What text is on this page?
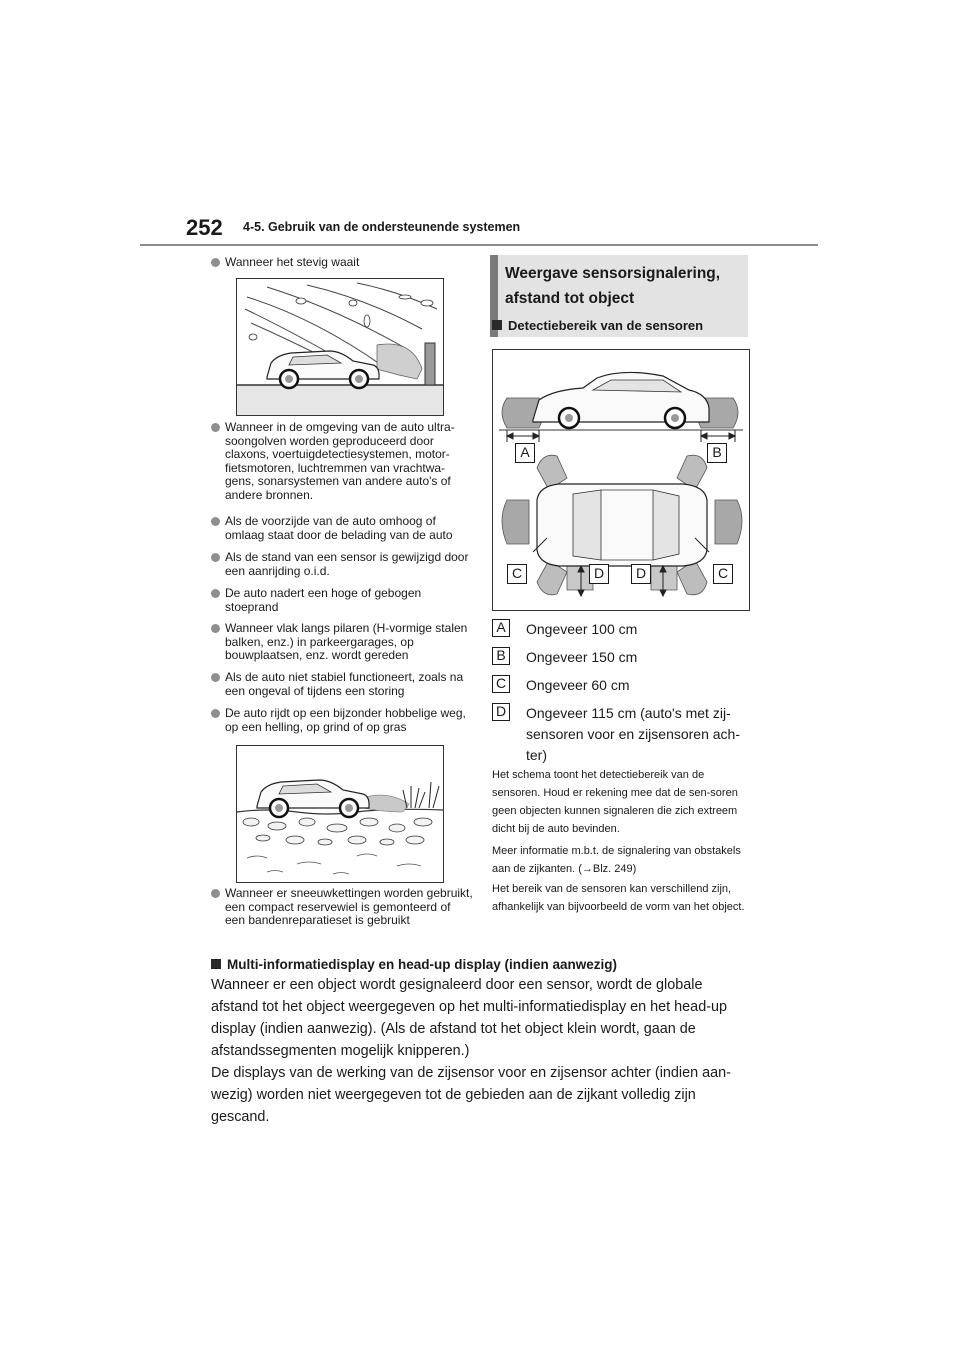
252 4-5. Gebruik van de ondersteunende systemen
Wanneer het stevig waait
Wanneer in de omgeving van de auto ultra-soongolven worden geproduceerd door claxons, voertuigdetectiesystemen, motor-fietsmotoren, luchtremmen van vrachtwa-gens, sonarsystemen van andere auto's of andere bronnen.
Als de voorzijde van de auto omhoog of omlaag staat door de belading van de auto
Als de stand van een sensor is gewijzigd door een aanrijding o.i.d.
De auto nadert een hoge of gebogen stoeprand
Wanneer vlak langs pilaren (H-vormige stalen balken, enz.) in parkeergarages, op bouwplaatsen, enz. wordt gereden
Als de auto niet stabiel functioneert, zoals na een ongeval of tijdens een storing
De auto rijdt op een bijzonder hobbelige weg, op een helling, op grind of op gras
Wanneer er sneeuwkettingen worden gebruikt, een compact reservewiel is gemonteerd of een bandenreparatieset is gebruikt
Weergave sensorsignalering, afstand tot object
Detectiebereik van de sensoren
A	B
C	D	D	C
A	Ongeveer 100 cm
B	Ongeveer 150 cm
C Ongeveer 60 cm
D Ongeveer 115 cm (auto's met zij-sensoren voor en zijsensoren ach-ter)
Het schema toont het detectiebereik van de sensoren. Houd er rekening mee dat de sen-soren geen objecten kunnen signaleren die zich extreem dicht bij de auto bevinden.
Meer informatie m.b.t. de signalering van obstakels aan de zijkanten. (→Blz. 249)
Het bereik van de sensoren kan verschillend zijn, afhankelijk van bijvoorbeeld de vorm van het object.
Multi-informatiedisplay en head-up display (indien aanwezig)
Wanneer er een object wordt gesignaleerd door een sensor, wordt de globale afstand tot het object weergegeven op het multi-informatiedisplay en het head-up display (indien aanwezig). (Als de afstand tot het object klein wordt, gaan de afstandssegmenten mogelijk knipperen.)
De displays van de werking van de zijsensor voor en zijsensor achter (indien aan-wezig) worden niet weergegeven tot de gebieden aan de zijkant volledig zijn gescand.
